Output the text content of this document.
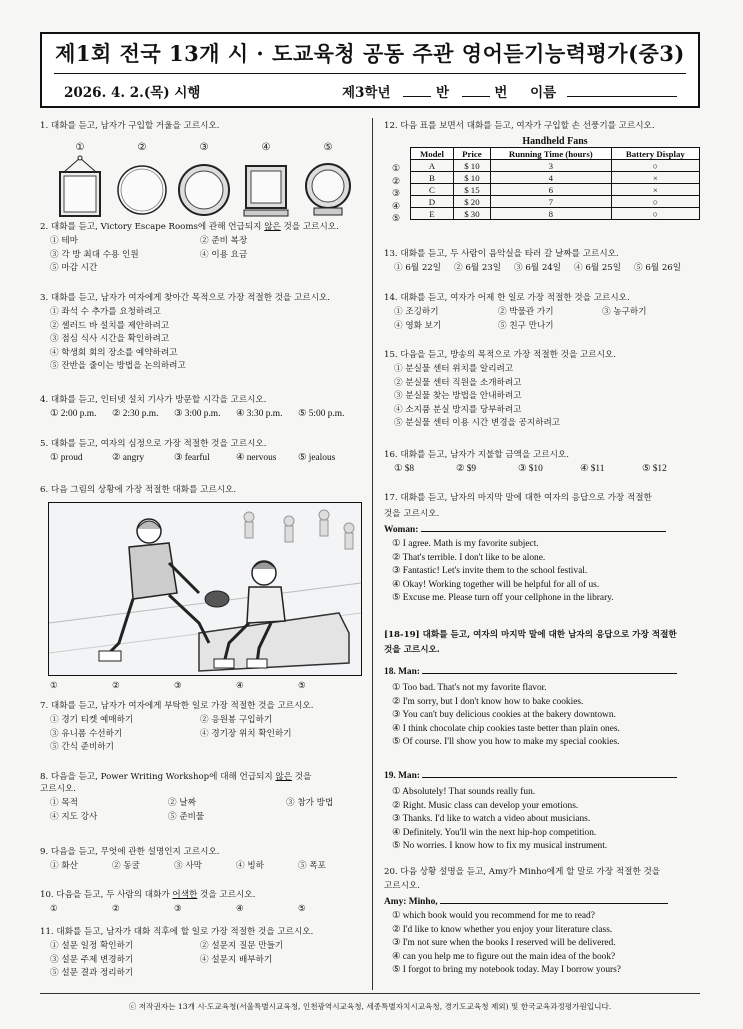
제1회 전국 13개 시 · 도교육청 공동 주관 영어듣기능력평가(중3)
2026. 4. 2.(목) 시행	제3학년	반	번 이름
1. 대화를 듣고, 남자가 구입할 거울을 고르시오.
①	②	③	④	⑤
2. 대화를 듣고, Victory Escape Rooms에 관해 언급되지 않은 것을 고르시오.
① 테마	② 준비 복장
③ 각 방 최대 수용 인원	④ 이용 요금
⑤ 마감 시간
3. 대화를 듣고, 남자가 여자에게 찾아간 목적으로 가장 적절한 것을 고르시오.
① 좌석 수 추가를 요청하려고
② 셀러드 바 설치를 제안하려고
③ 점심 식사 시간을 확인하려고
④ 학생회 회의 장소를 예약하려고
⑤ 잔반을 줄이는 방법을 논의하려고
4. 대화를 듣고, 인터넷 설치 기사가 방문할 시각을 고르시오.
① 2:00 p.m.	② 2:30 p.m.	③ 3:00 p.m.	④ 3:30 p.m.	⑤ 5:00 p.m.
5. 대화를 듣고, 여자의 심정으로 가장 적절한 것을 고르시오.
① proud	② angry	③ fearful	④ nervous	⑤ jealous
6. 다음 그림의 상황에 가장 적절한 대화를 고르시오.
①	②	③	④	⑤
7. 대화를 듣고, 남자가 여자에게 부탁한 일로 가장 적절한 것을 고르시오.
① 경기 티켓 예매하기	② 응원봉 구입하기
③ 유니폼 수선하기	④ 경기장 위치 확인하기
⑤ 간식 준비하기
8. 다음을 듣고, Power Writing Workshop에 대해 언급되지 않은 것을
고르시오.
① 목적	② 날짜	③ 참가 방법
④ 지도 강사	⑤ 준비물
9. 다음을 듣고, 무엇에 관한 설명인지 고르시오.
① 화산	② 동굴	③ 사막	④ 빙하	⑤ 폭포
10. 다음을 듣고, 두 사람의 대화가 어색한 것을 고르시오.
①	②	③	④	⑤
11. 대화를 듣고, 남자가 대화 직후에 할 일로 가장 적절한 것을 고르시오.
① 설문 일정 확인하기	② 설문지 질문 만들기
③ 설문 주제 변경하기	④ 설문지 배부하기
⑤ 설문 결과 정리하기
12. 다음 표를 보면서 대화를 듣고, 여자가 구입할 손 선풍기를 고르시오.
Handheld Fans
Model	Price	Running Time (hours)	Battery Display
A	$ 10	3	○
B	$ 10	4	×
C	$ 15	6	×
D	$ 20	7	○
E	$ 30	8	○
①
②
③
④
⑤
13. 대화를 듣고, 두 사람이 음악실을 타러 갈 날짜를 고르시오.
① 6월 22일	② 6월 23일	③ 6월 24일	④ 6월 25일	⑤ 6월 26일
14. 대화를 듣고, 여자가 어제 한 일로 가장 적절한 것을 고르시오.
① 조깅하기	② 박물관 가기	③ 농구하기
④ 영화 보기	⑤ 친구 만나기
15. 다음을 듣고, 방송의 목적으로 가장 적절한 것을 고르시오.
① 분실물 센터 위치를 알리려고
② 분실물 센터 직원을 소개하려고
③ 분실물 찾는 방법을 안내하려고
④ 소지품 분실 방지를 당부하려고
⑤ 분실물 센터 이용 시간 변경을 공지하려고
16. 대화를 듣고, 남자가 지불할 금액을 고르시오.
① $8	② $9	③ $10	④ $11	⑤ $12
17. 대화를 듣고, 남자의 마지막 말에 대한 여자의 응답으로 가장 적절한
것을 고르시오.
Woman:
① I agree. Math is my favorite subject.
② That's terrible. I don't like to be alone.
③ Fantastic! Let's invite them to the school festival.
④ Okay! Working together will be helpful for all of us.
⑤ Excuse me. Please turn off your cellphone in the library.
[18-19] 대화를 듣고, 여자의 마지막 말에 대한 남자의 응답으로 가장 적절한
것을 고르시오.
18. Man:
① Too bad. That's not my favorite flavor.
② I'm sorry, but I don't know how to bake cookies.
③ You can't buy delicious cookies at the bakery downtown.
④ I think chocolate chip cookies taste better than plain ones.
⑤ Of course. I'll show you how to make my special cookies.
19. Man:
① Absolutely! That sounds really fun.
② Right. Music class can develop your emotions.
③ Thanks. I'd like to watch a video about musicians.
④ Definitely. You'll win the next hip-hop competition.
⑤ No worries. I know how to fix my musical instrument.
20. 다음 상황 설명을 듣고, Amy가 Minho에게 할 말로 가장 적절한 것을
고르시오.
Amy: Minho,
① which book would you recommend for me to read?
② I'd like to know whether you enjoy your literature class.
③ I'm not sure when the books I reserved will be delivered.
④ can you help me to figure out the main idea of the book?
⑤ I forgot to bring my notebook today. May I borrow yours?
ⓒ 저작권자는 13개 시·도교육청(서울특별시교육청, 인천광역시교육청, 세종특별자치시교육청, 경기도교육청 제외) 및 한국교육과정평가원입니다.
